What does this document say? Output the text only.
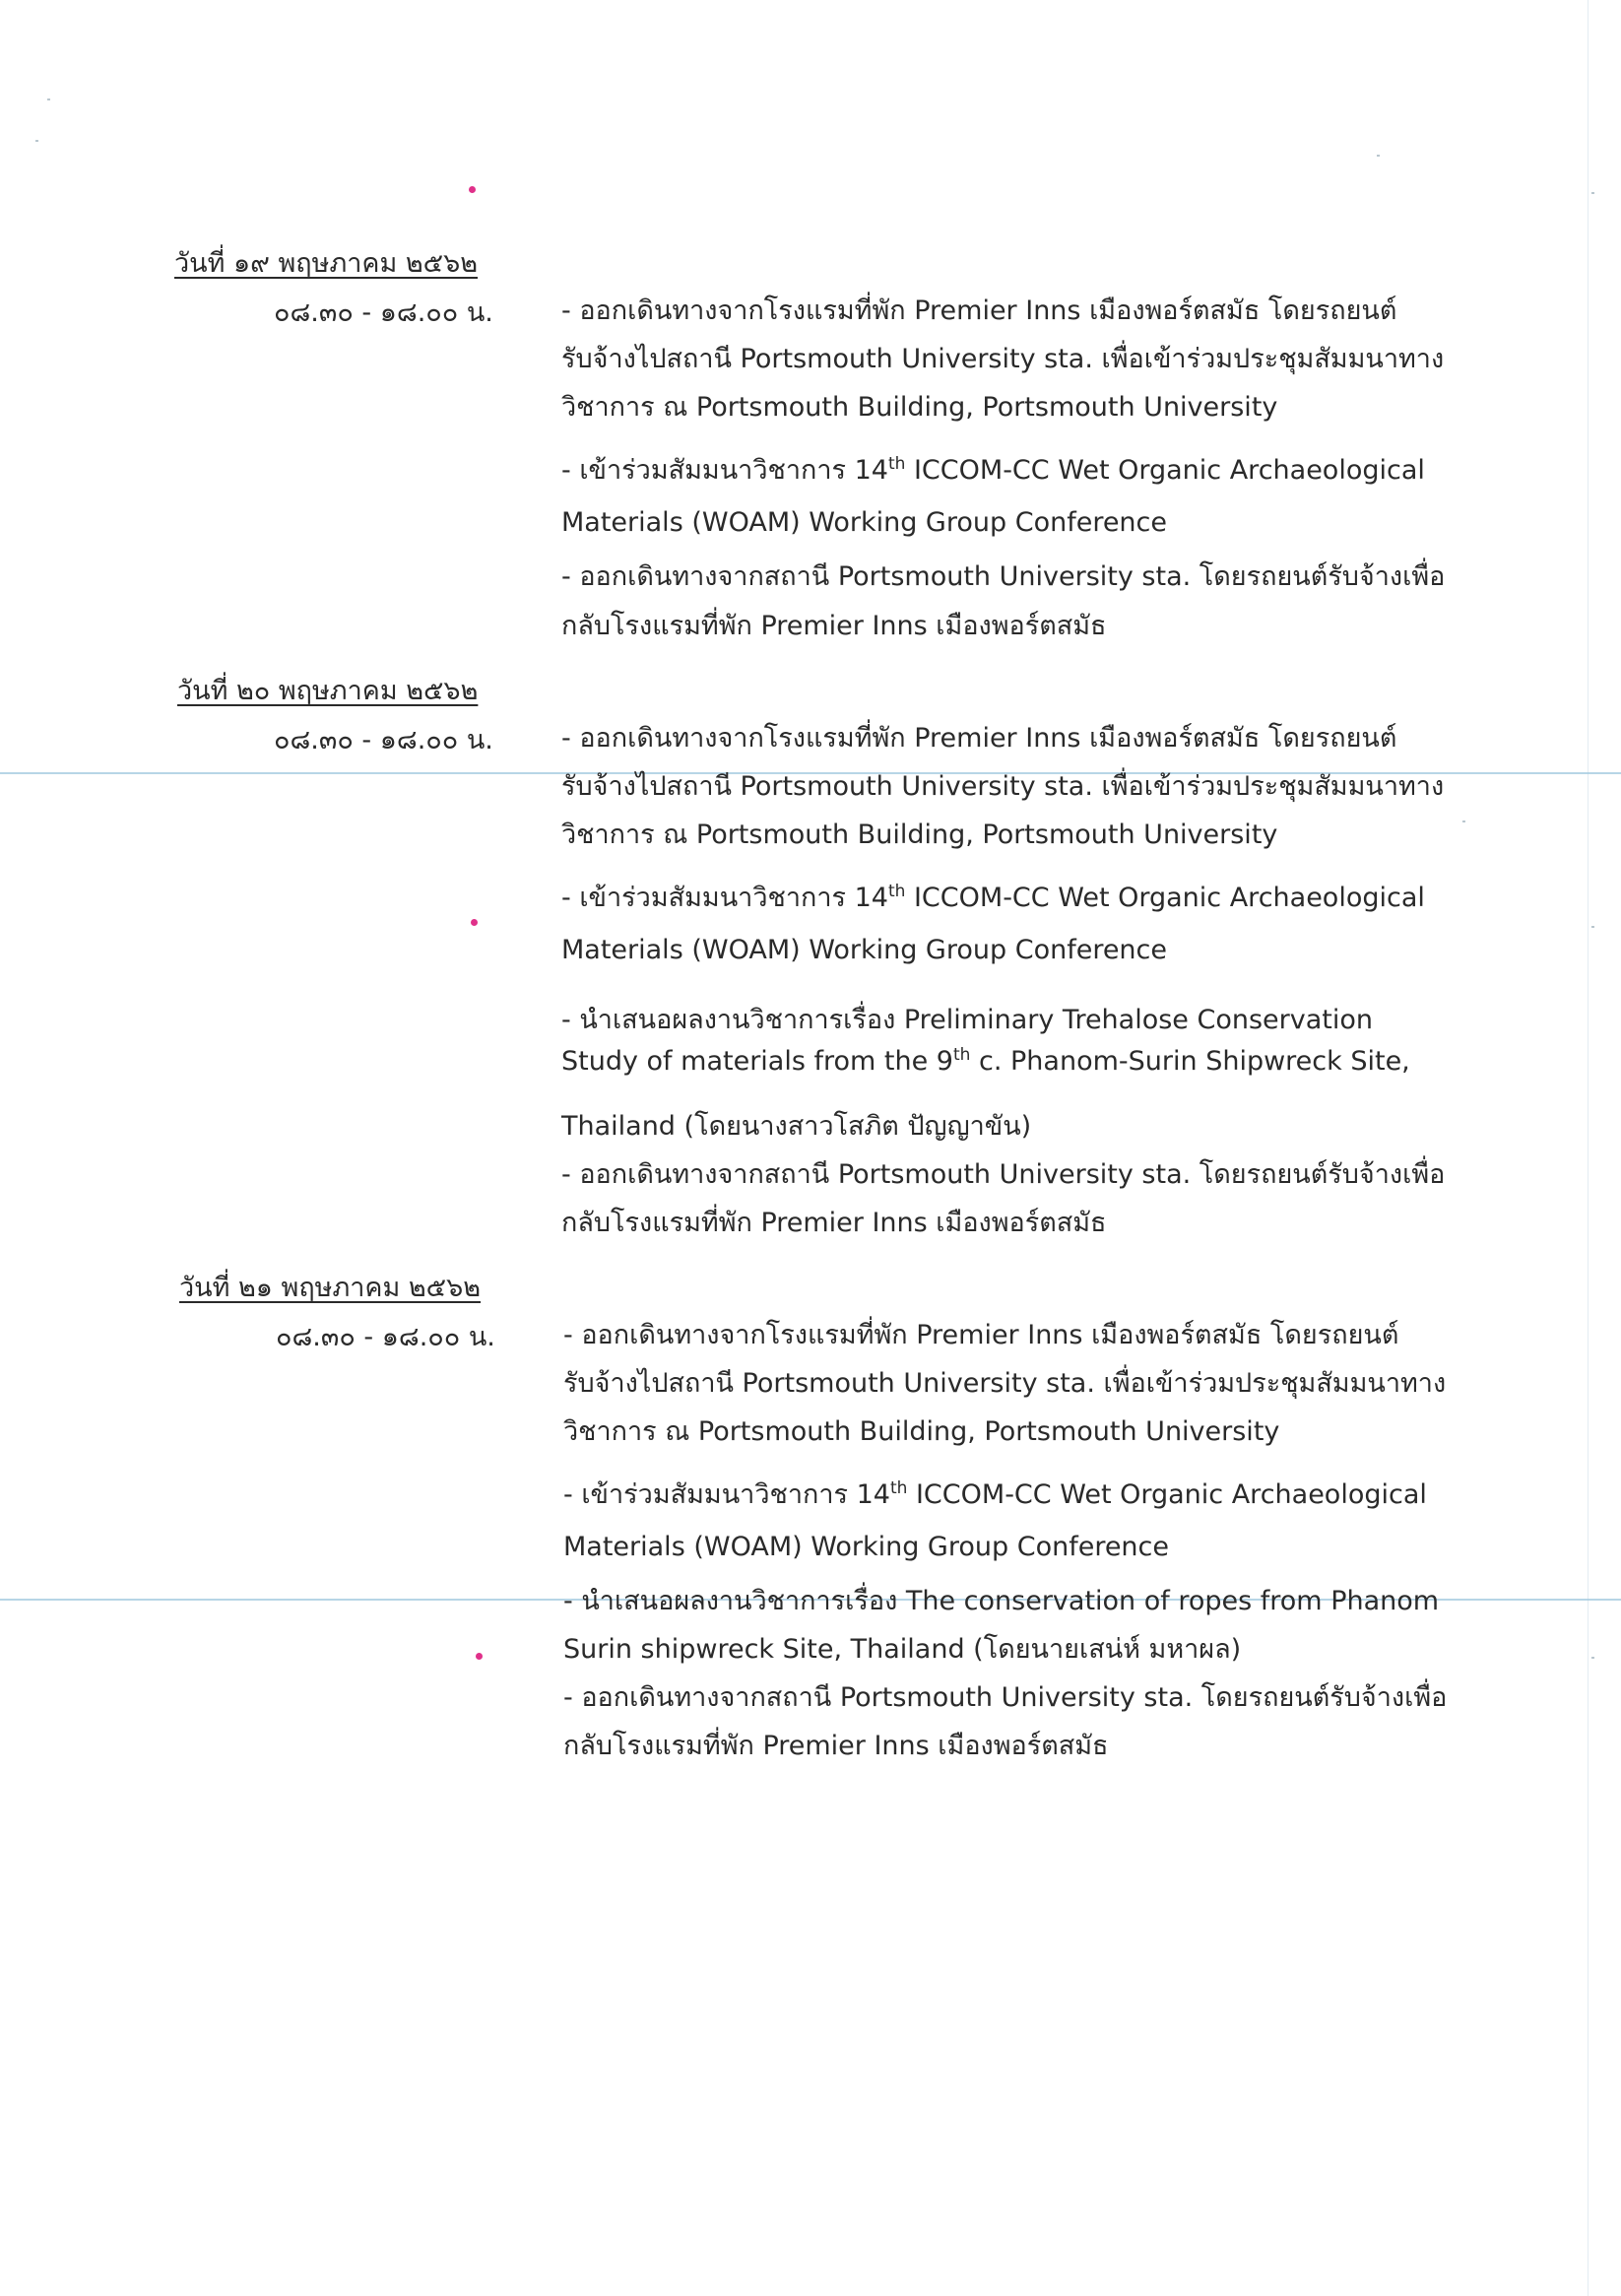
วันที่ ๑๙ พฤษภาคม ๒๕๖๒
๐๘.๓๐ - ๑๘.๐๐ น.	- ออกเดินทางจากโรงแรมที่พัก Premier Inns เมืองพอร์ตสมัธ โดยรถยนต์
รับจ้างไปสถานี Portsmouth University sta. เพื่อเข้าร่วมประชุมสัมมนาทาง
วิชาการ ณ Portsmouth Building, Portsmouth University
- เข้าร่วมสัมมนาวิชาการ 14th ICCOM-CC Wet Organic Archaeological
Materials (WOAM) Working Group Conference
- ออกเดินทางจากสถานี Portsmouth University sta. โดยรถยนต์รับจ้างเพื่อ
กลับโรงแรมที่พัก Premier Inns เมืองพอร์ตสมัธ
วันที่ ๒๐ พฤษภาคม ๒๕๖๒
๐๘.๓๐ - ๑๘.๐๐ น.	- ออกเดินทางจากโรงแรมที่พัก Premier Inns เมืองพอร์ตสมัธ โดยรถยนต์
รับจ้างไปสถานี Portsmouth University sta. เพื่อเข้าร่วมประชุมสัมมนาทาง
วิชาการ ณ Portsmouth Building, Portsmouth University
- เข้าร่วมสัมมนาวิชาการ 14th ICCOM-CC Wet Organic Archaeological
Materials (WOAM) Working Group Conference
- นำเสนอผลงานวิชาการเรื่อง Preliminary Trehalose Conservation
Study of materials from the 9th c. Phanom-Surin Shipwreck Site,
Thailand (โดยนางสาวโสภิต ปัญญาขัน)
- ออกเดินทางจากสถานี Portsmouth University sta. โดยรถยนต์รับจ้างเพื่อ
กลับโรงแรมที่พัก Premier Inns เมืองพอร์ตสมัธ
วันที่ ๒๑ พฤษภาคม ๒๕๖๒
๐๘.๓๐ - ๑๘.๐๐ น.	- ออกเดินทางจากโรงแรมที่พัก Premier Inns เมืองพอร์ตสมัธ โดยรถยนต์
รับจ้างไปสถานี Portsmouth University sta. เพื่อเข้าร่วมประชุมสัมมนาทาง
วิชาการ ณ Portsmouth Building, Portsmouth University
- เข้าร่วมสัมมนาวิชาการ 14th ICCOM-CC Wet Organic Archaeological
Materials (WOAM) Working Group Conference
- นำเสนอผลงานวิชาการเรื่อง The conservation of ropes from Phanom
Surin shipwreck Site, Thailand (โดยนายเสน่ห์ มหาผล)
- ออกเดินทางจากสถานี Portsmouth University sta. โดยรถยนต์รับจ้างเพื่อ
กลับโรงแรมที่พัก Premier Inns เมืองพอร์ตสมัธ
